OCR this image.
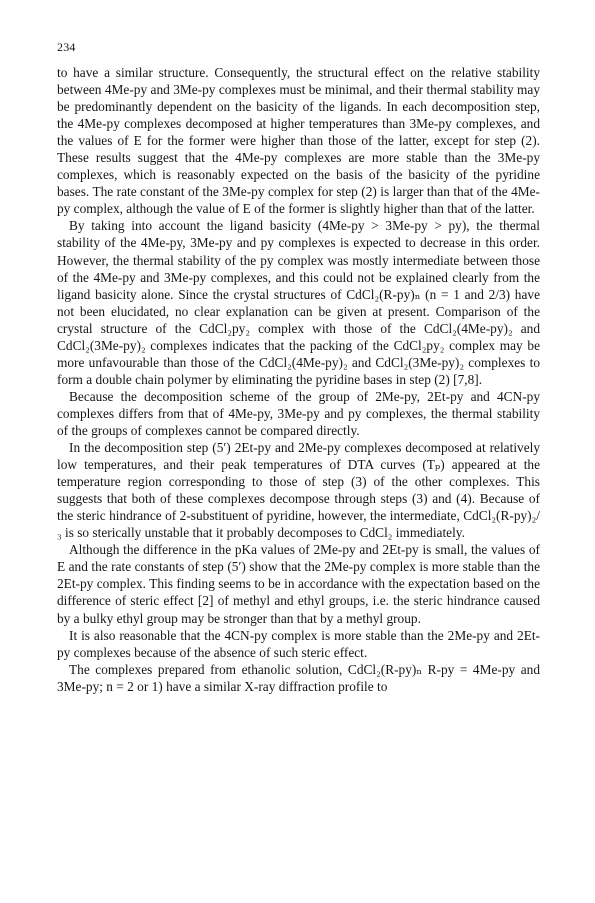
234

to have a similar structure. Consequently, the structural effect on the relative stability between 4Me-py and 3Me-py complexes must be minimal, and their thermal stability may be predominantly dependent on the basicity of the ligands. In each decomposition step, the 4Me-py complexes decomposed at higher temperatures than 3Me-py complexes, and the values of E for the former were higher than those of the latter, except for step (2). These results suggest that the 4Me-py complexes are more stable than the 3Me-py complexes, which is reasonably expected on the basis of the basicity of the pyridine bases. The rate constant of the 3Me-py complex for step (2) is larger than that of the 4Me-py complex, although the value of E of the former is slightly higher than that of the latter.

By taking into account the ligand basicity (4Me-py > 3Me-py > py), the thermal stability of the 4Me-py, 3Me-py and py complexes is expected to decrease in this order. However, the thermal stability of the py complex was mostly intermediate between those of the 4Me-py and 3Me-py complexes, and this could not be explained clearly from the ligand basicity alone. Since the crystal structures of CdCl₂(R-py)ₙ (n = 1 and 2/3) have not been elucidated, no clear explanation can be given at present. Comparison of the crystal structure of the CdCl₂py₂ complex with those of the CdCl₂(4Me-py)₂ and CdCl₂(3Me-py)₂ complexes indicates that the packing of the CdCl₂py₂ complex may be more unfavourable than those of the CdCl₂(4Me-py)₂ and CdCl₂(3Me-py)₂ complexes to form a double chain polymer by eliminating the pyridine bases in step (2) [7,8].

Because the decomposition scheme of the group of 2Me-py, 2Et-py and 4CN-py complexes differs from that of 4Me-py, 3Me-py and py complexes, the thermal stability of the groups of complexes cannot be compared directly.

In the decomposition step (5′) 2Et-py and 2Me-py complexes decomposed at relatively low temperatures, and their peak temperatures of DTA curves (Tₚ) appeared at the temperature region corresponding to those of step (3) of the other complexes. This suggests that both of these complexes decompose through steps (3) and (4). Because of the steric hindrance of 2-substituent of pyridine, however, the intermediate, CdCl₂(R-py)₂/₃ is so sterically unstable that it probably decomposes to CdCl₂ immediately.

Although the difference in the pKa values of 2Me-py and 2Et-py is small, the values of E and the rate constants of step (5′) show that the 2Me-py complex is more stable than the 2Et-py complex. This finding seems to be in accordance with the expectation based on the difference of steric effect [2] of methyl and ethyl groups, i.e. the steric hindrance caused by a bulky ethyl group may be stronger than that by a methyl group.

It is also reasonable that the 4CN-py complex is more stable than the 2Me-py and 2Et-py complexes because of the absence of such steric effect.

The complexes prepared from ethanolic solution, CdCl₂(R-py)ₙ R-py = 4Me-py and 3Me-py; n = 2 or 1) have a similar X-ray diffraction profile to
